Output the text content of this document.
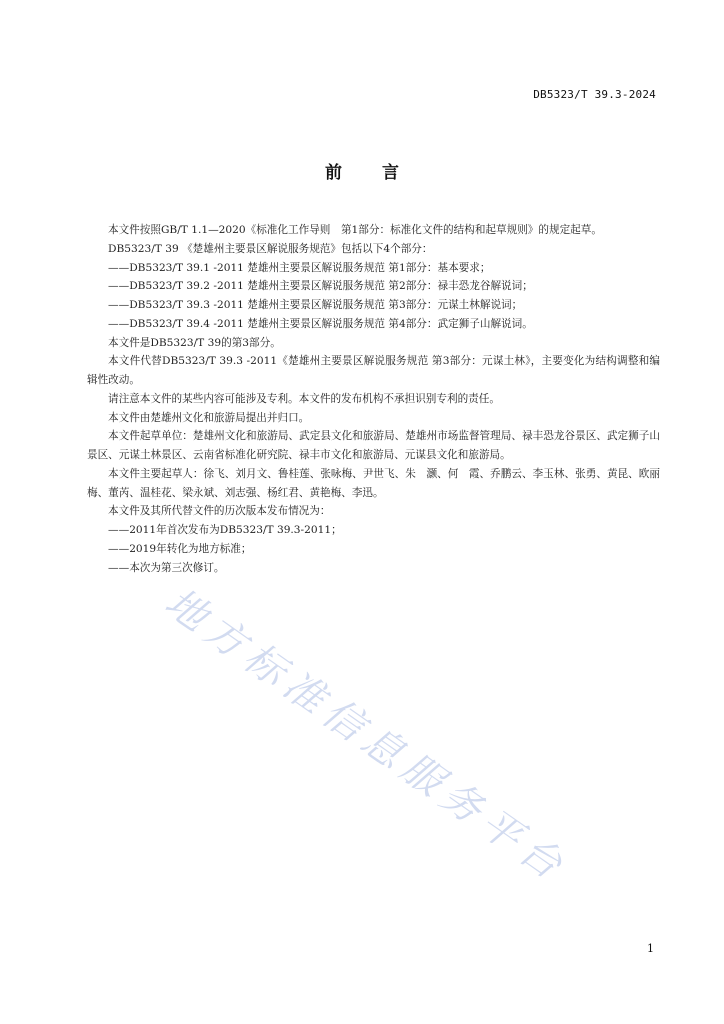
DB5323/T 39.3-2024
前 言

本文件按照GB/T 1.1—2020《标准化工作导则　第1部分：标准化文件的结构和起草规则》的规定起草。

DB5323/T 39 《楚雄州主要景区解说服务规范》包括以下4个部分：

——DB5323/T 39.1 -2011 楚雄州主要景区解说服务规范 第1部分：基本要求；

——DB5323/T 39.2 -2011 楚雄州主要景区解说服务规范 第2部分：禄丰恐龙谷解说词；

——DB5323/T 39.3 -2011 楚雄州主要景区解说服务规范 第3部分：元谋土林解说词；

——DB5323/T 39.4 -2011 楚雄州主要景区解说服务规范 第4部分：武定狮子山解说词。

本文件是DB5323/T 39的第3部分。

本文件代替DB5323/T 39.3 -2011《楚雄州主要景区解说服务规范 第3部分：元谋土林》，主要变化为结构调整和编辑性改动。

请注意本文件的某些内容可能涉及专利。本文件的发布机构不承担识别专利的责任。

本文件由楚雄州文化和旅游局提出并归口。

本文件起草单位：楚雄州文化和旅游局、武定县文化和旅游局、楚雄州市场监督管理局、禄丰恐龙谷景区、武定狮子山景区、元谋土林景区、云南省标准化研究院、禄丰市文化和旅游局、元谋县文化和旅游局。

本文件主要起草人：徐飞、刘月文、鲁桂莲、张咏梅、尹世飞、朱　灏、何　霞、乔鹏云、李玉林、张勇、黄昆、欧丽梅、董芮、温桂花、梁永斌、刘志强、杨红君、黄艳梅、李迅。

本文件及其所代替文件的历次版本发布情况为：

——2011年首次发布为DB5323/T 39.3-2011；

——2019年转化为地方标准；

——本次为第三次修订。

地方标准信息服务平台
1
